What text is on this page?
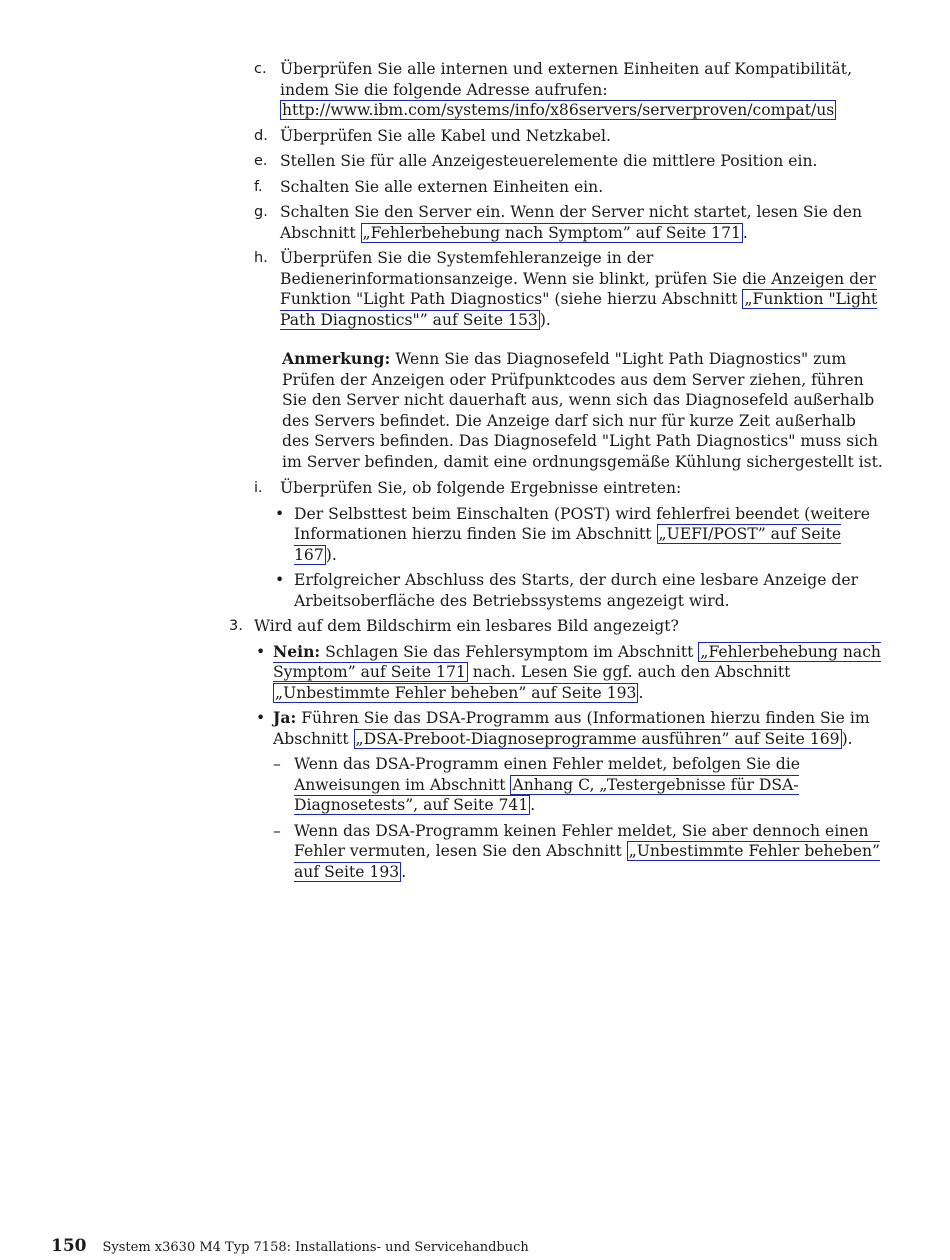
c. Überprüfen Sie alle internen und externen Einheiten auf Kompatibilität, indem Sie die folgende Adresse aufrufen: http://www.ibm.com/systems/info/x86servers/serverproven/compat/us
d. Überprüfen Sie alle Kabel und Netzkabel.
e. Stellen Sie für alle Anzeigesteuerelemente die mittlere Position ein.
f. Schalten Sie alle externen Einheiten ein.
g. Schalten Sie den Server ein. Wenn der Server nicht startet, lesen Sie den Abschnitt „Fehlerbehebung nach Symptom” auf Seite 171 .
h. Überprüfen Sie die Systemfehleranzeige in der Bedienerinformationsanzeige. Wenn sie blinkt, prüfen Sie die Anzeigen der Funktion "Light Path Diagnostics" (siehe hierzu Abschnitt „Funktion "Light Path Diagnostics"” auf Seite 153 ).
Anmerkung: Wenn Sie das Diagnosefeld "Light Path Diagnostics" zum Prüfen der Anzeigen oder Prüfpunktcodes aus dem Server ziehen, führen Sie den Server nicht dauerhaft aus, wenn sich das Diagnosefeld außerhalb des Servers befindet. Die Anzeige darf sich nur für kurze Zeit außerhalb des Servers befinden. Das Diagnosefeld "Light Path Diagnostics" muss sich im Server befinden, damit eine ordnungsgemäße Kühlung sichergestellt ist.
i. Überprüfen Sie, ob folgende Ergebnisse eintreten:
• Der Selbsttest beim Einschalten (POST) wird fehlerfrei beendet (weitere Informationen hierzu finden Sie im Abschnitt „UEFI/POST” auf Seite 167 ).
• Erfolgreicher Abschluss des Starts, der durch eine lesbare Anzeige der Arbeitsoberfläche des Betriebssystems angezeigt wird.
3. Wird auf dem Bildschirm ein lesbares Bild angezeigt?
• Nein: Schlagen Sie das Fehlersymptom im Abschnitt „Fehlerbehebung nach Symptom” auf Seite 171 nach. Lesen Sie ggf. auch den Abschnitt „Unbestimmte Fehler beheben” auf Seite 193 .
• Ja: Führen Sie das DSA-Programm aus (Informationen hierzu finden Sie im Abschnitt „DSA-Preboot-Diagnoseprogramme ausführen” auf Seite 169 ).
– Wenn das DSA-Programm einen Fehler meldet, befolgen Sie die Anweisungen im Abschnitt Anhang C, „Testergebnisse für DSA-Diagnosetests”, auf Seite 741 .
– Wenn das DSA-Programm keinen Fehler meldet, Sie aber dennoch einen Fehler vermuten, lesen Sie den Abschnitt „Unbestimmte Fehler beheben” auf Seite 193 .
150 System x3630 M4 Typ 7158: Installations- und Servicehandbuch
